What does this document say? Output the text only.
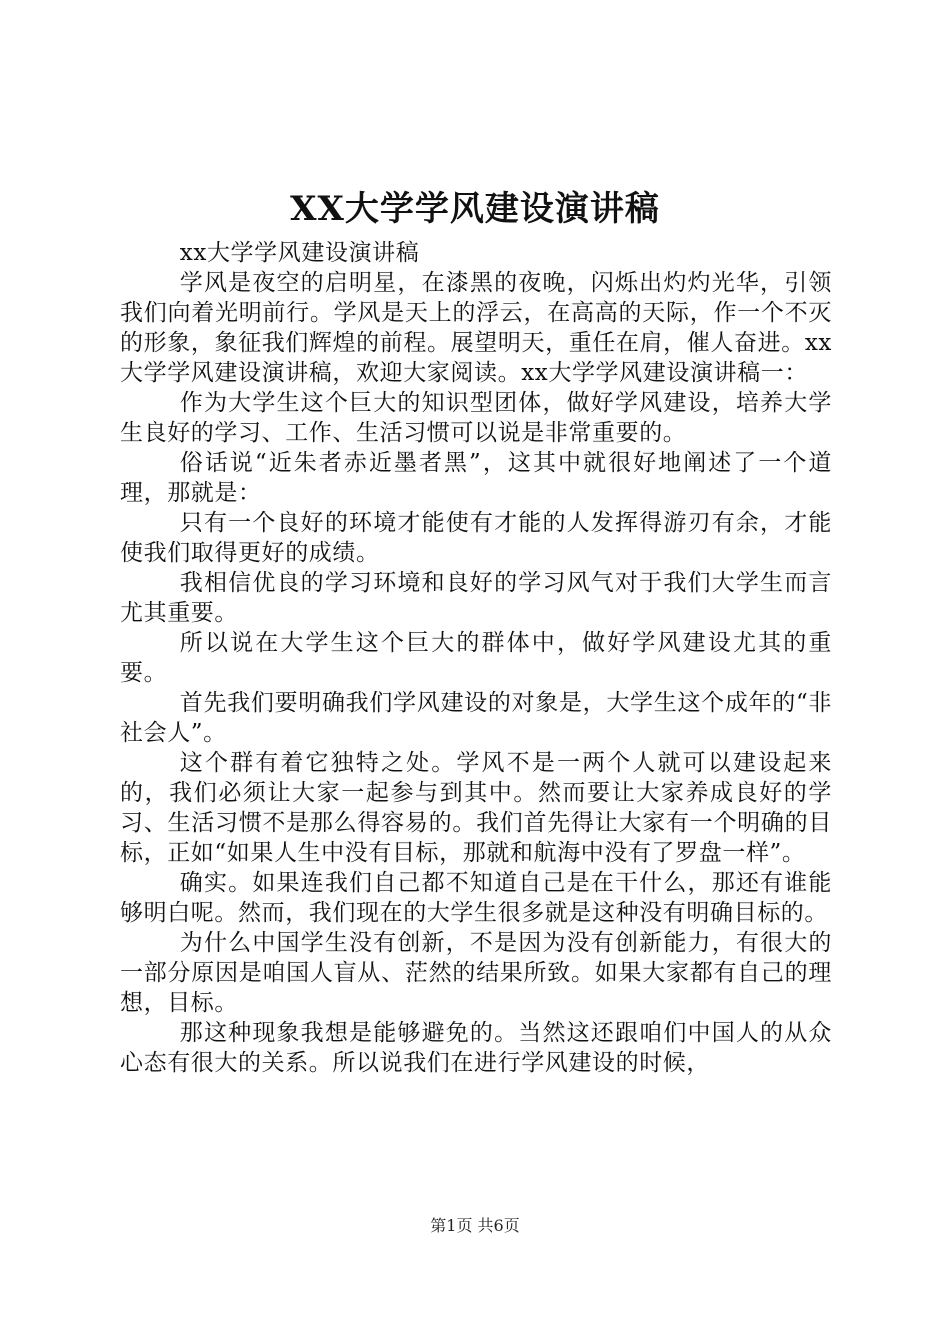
XX大学学风建设演讲稿

xx大学学风建设演讲稿

学风是夜空的启明星，在漆黑的夜晚，闪烁出灼灼光华，引领我们向着光明前行。学风是天上的浮云，在高高的天际，作一个不灭的形象，象征我们辉煌的前程。展望明天，重任在肩，催人奋进。xx大学学风建设演讲稿，欢迎大家阅读。xx大学学风建设演讲稿一：

作为大学生这个巨大的知识型团体，做好学风建设，培养大学生良好的学习、工作、生活习惯可以说是非常重要的。

俗话说“近朱者赤近墨者黑”，这其中就很好地阐述了一个道理，那就是：

只有一个良好的环境才能使有才能的人发挥得游刃有余，才能使我们取得更好的成绩。

我相信优良的学习环境和良好的学习风气对于我们大学生而言尤其重要。

所以说在大学生这个巨大的群体中，做好学风建设尤其的重要。

首先我们要明确我们学风建设的对象是，大学生这个成年的“非社会人”。

这个群有着它独特之处。学风不是一两个人就可以建设起来的，我们必须让大家一起参与到其中。然而要让大家养成良好的学习、生活习惯不是那么得容易的。我们首先得让大家有一个明确的目标，正如“如果人生中没有目标，那就和航海中没有了罗盘一样”。

确实。如果连我们自己都不知道自己是在干什么，那还有谁能够明白呢。然而，我们现在的大学生很多就是这种没有明确目标的。

为什么中国学生没有创新，不是因为没有创新能力，有很大的一部分原因是咱国人盲从、茫然的结果所致。如果大家都有自己的理想，目标。

那这种现象我想是能够避免的。当然这还跟咱们中国人的从众心态有很大的关系。所以说我们在进行学风建设的时候，

第1页 共6页
